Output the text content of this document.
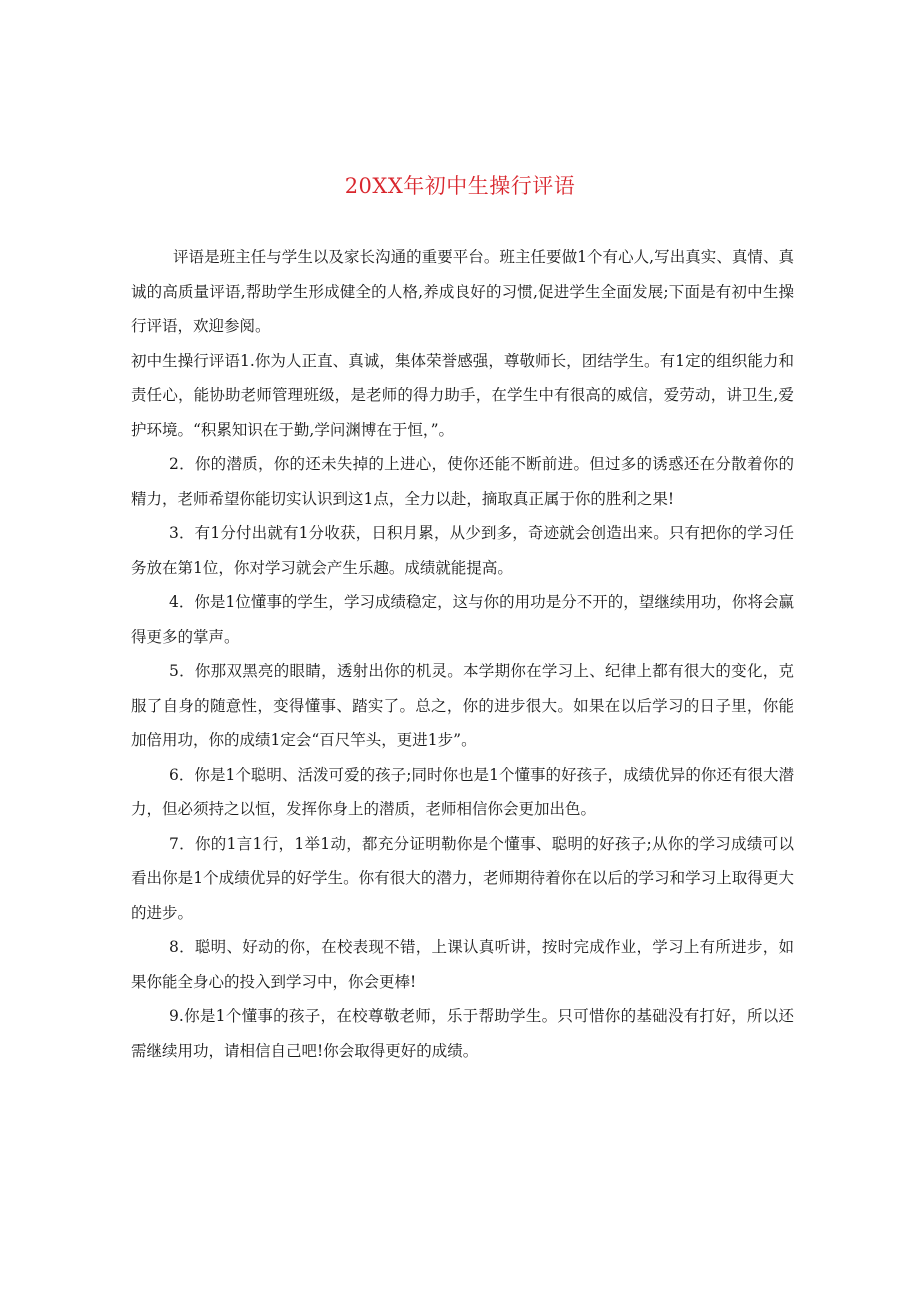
20XX年初中生操行评语

评语是班主任与学生以及家长沟通的重要平台。班主任要做1个有心人,写出真实、真情、真诚的高质量评语,帮助学生形成健全的人格,养成良好的习惯,促进学生全面发展;下面是有初中生操行评语，欢迎参阅。

初中生操行评语1.你为人正直、真诚，集体荣誉感强，尊敬师长，团结学生。有1定的组织能力和责任心，能协助老师管理班级，是老师的得力助手，在学生中有很高的威信，爱劳动，讲卫生,爱护环境。“积累知识在于勤,学问渊博在于恒，”。

2．你的潜质，你的还未失掉的上进心，使你还能不断前进。但过多的诱惑还在分散着你的精力，老师希望你能切实认识到这1点，全力以赴，摘取真正属于你的胜利之果!

3．有1分付出就有1分收获，日积月累，从少到多，奇迹就会创造出来。只有把你的学习任务放在第1位，你对学习就会产生乐趣。成绩就能提高。

4．你是1位懂事的学生，学习成绩稳定，这与你的用功是分不开的，望继续用功，你将会赢得更多的掌声。

5．你那双黑亮的眼睛，透射出你的机灵。本学期你在学习上、纪律上都有很大的变化，克服了自身的随意性，变得懂事、踏实了。总之，你的进步很大。如果在以后学习的日子里，你能加倍用功，你的成绩1定会“百尺竿头，更进1步”。

6．你是1个聪明、活泼可爱的孩子;同时你也是1个懂事的好孩子，成绩优异的你还有很大潜力，但必须持之以恒，发挥你身上的潜质，老师相信你会更加出色。

7．你的1言1行，1举1动，都充分证明勒你是个懂事、聪明的好孩子;从你的学习成绩可以看出你是1个成绩优异的好学生。你有很大的潜力，老师期待着你在以后的学习和学习上取得更大的进步。

8．聪明、好动的你，在校表现不错，上课认真听讲，按时完成作业，学习上有所进步，如果你能全身心的投入到学习中，你会更棒!

9.你是1个懂事的孩子，在校尊敬老师，乐于帮助学生。只可惜你的基础没有打好，所以还需继续用功，请相信自己吧!你会取得更好的成绩。
